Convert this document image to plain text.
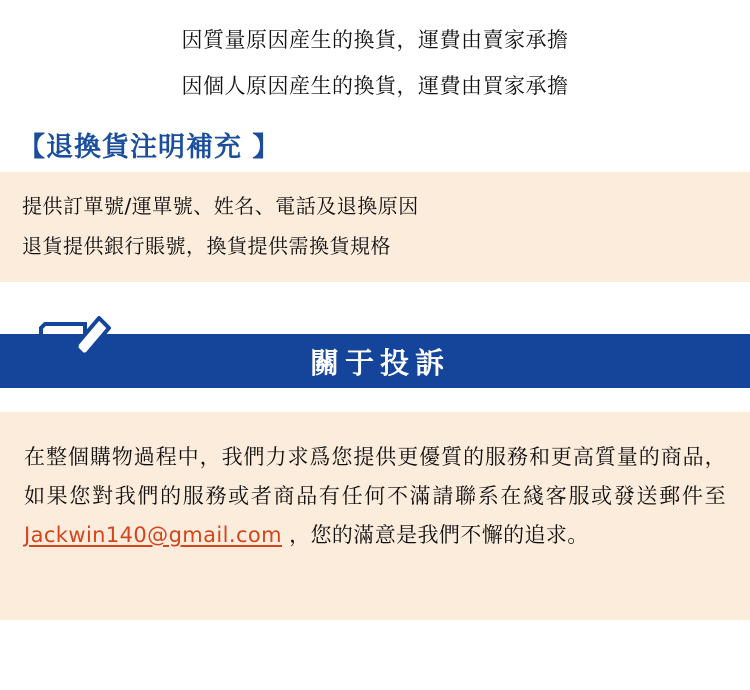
因質量原因産生的換貨，運費由賣家承擔
因個人原因産生的換貨，運費由買家承擔
【退換貨注明補充 】
提供訂單號/運單號、姓名、電話及退換原因
退貨提供銀行賬號，換貨提供需換貨規格
關于投訴
在整個購物過程中，我們力求爲您提供更優質的服務和更高質量的商品，如果您對我們的服務或者商品有任何不滿請聯系在綫客服或發送郵件至 Jackwin140@gmail.com ，您的滿意是我們不懈的追求。
